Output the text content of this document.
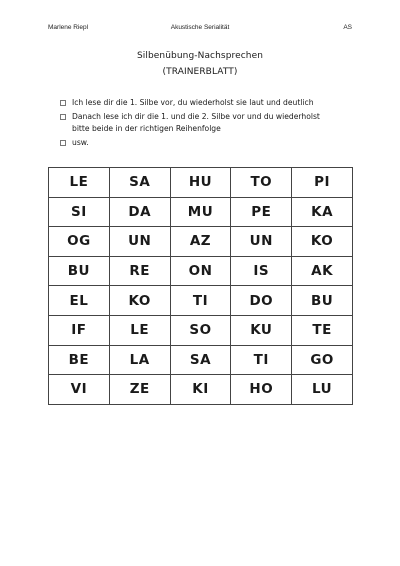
Marlene Riepl	Akustische Serialität	AS
Silbenübung-Nachsprechen
(TRAINERBLATT)
Ich lese dir die 1. Silbe vor, du wiederholst sie laut und deutlich
Danach lese ich dir die 1. und die 2. Silbe vor und du wiederholst
bitte beide in der richtigen Reihenfolge
usw.
LE	SA	HU	TO	PI
SI	DA	MU	PE	KA
OG	UN	AZ	UN	KO
BU	RE	ON	IS	AK
EL	KO	TI	DO	BU
IF	LE	SO	KU	TE
BE	LA	SA	TI	GO
VI	ZE	KI	HO	LU
